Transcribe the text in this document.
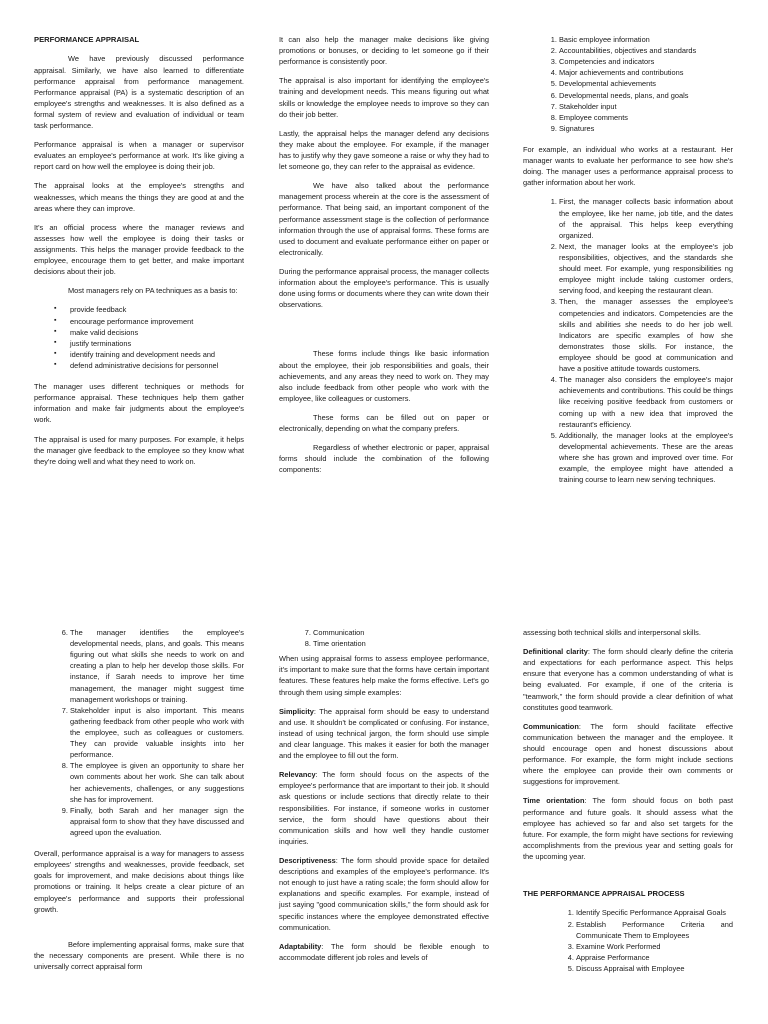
PERFORMANCE APPRAISAL

We have previously discussed performance appraisal. Similarly, we have also learned to differentiate performance appraisal from performance management. Performance appraisal (PA) is a systematic description of an employee's strengths and weaknesses. It is also defined as a formal system of review and evaluation of individual or team task performance.

Performance appraisal is when a manager or supervisor evaluates an employee's performance at work. It's like giving a report card on how well the employee is doing their job.

The appraisal looks at the employee's strengths and weaknesses, which means the things they are good at and the areas where they can improve.

It's an official process where the manager reviews and assesses how well the employee is doing their tasks or assignments. This helps the manager provide feedback to the employee, encourage them to get better, and make important decisions about their job.

Most managers rely on PA techniques as a basis to:

▪ provide feedback
▪ encourage performance improvement
▪ make valid decisions
▪ justify terminations
▪ identify training and development needs and
▪ defend administrative decisions for personnel

The manager uses different techniques or methods for performance appraisal. These techniques help them gather information and make fair judgments about the employee's work.

The appraisal is used for many purposes. For example, it helps the manager give feedback to the employee so they know what they're doing well and what they need to work on.

It can also help the manager make decisions like giving promotions or bonuses, or deciding to let someone go if their performance is consistently poor.

The appraisal is also important for identifying the employee's training and development needs. This means figuring out what skills or knowledge the employee needs to improve so they can do their job better.

Lastly, the appraisal helps the manager defend any decisions they make about the employee. For example, if the manager has to justify why they gave someone a raise or why they had to let someone go, they can refer to the appraisal as evidence.

We have also talked about the performance management process wherein at the core is the assessment of performance. That being said, an important component of the performance assessment stage is the collection of performance information through the use of appraisal forms. These forms are used to document and evaluate performance either on paper or electronically.

During the performance appraisal process, the manager collects information about the employee's performance. This is usually done using forms or documents where they can write down their observations.

These forms include things like basic information about the employee, their job responsibilities and goals, their achievements, and any areas they need to work on. They may also include feedback from other people who work with the employee, like colleagues or customers.

These forms can be filled out on paper or electronically, depending on what the company prefers.

Regardless of whether electronic or paper, appraisal forms should include the combination of the following components:

1. Basic employee information
2. Accountabilities, objectives and standards
3. Competencies and indicators
4. Major achievements and contributions
5. Developmental achievements
6. Developmental needs, plans, and goals
7. Stakeholder input
8. Employee comments
9. Signatures

For example, an individual who works at a restaurant. Her manager wants to evaluate her performance to see how she's doing. The manager uses a performance appraisal process to gather information about her work.

1. First, the manager collects basic information about the employee, like her name, job title, and the dates of the appraisal. This helps keep everything organized.
2. Next, the manager looks at the employee's job responsibilities, objectives, and the standards she should meet. For example, yung responsibilities ng employee might include taking customer orders, serving food, and keeping the restaurant clean.
3. Then, the manager assesses the employee's competencies and indicators. Competencies are the skills and abilities she needs to do her job well. Indicators are specific examples of how she demonstrates those skills. For instance, the employee should be good at communication and have a positive attitude towards customers.
4. The manager also considers the employee's major achievements and contributions. This could be things like receiving positive feedback from customers or coming up with a new idea that improved the restaurant's efficiency.
5. Additionally, the manager looks at the employee's developmental achievements. These are the areas where she has grown and improved over time. For example, the employee might have attended a training course to learn new serving techniques.
6. The manager identifies the employee's developmental needs, plans, and goals. This means figuring out what skills she needs to work on and creating a plan to help her develop those skills. For instance, if Sarah needs to improve her time management, the manager might suggest time management workshops or training.
7. Stakeholder input is also important. This means gathering feedback from other people who work with the employee, such as colleagues or customers. They can provide valuable insights into her performance.
8. The employee is given an opportunity to share her own comments about her work. She can talk about her achievements, challenges, or any suggestions she has for improvement.
9. Finally, both Sarah and her manager sign the appraisal form to show that they have discussed and agreed upon the evaluation.

Overall, performance appraisal is a way for managers to assess employees' strengths and weaknesses, provide feedback, set goals for improvement, and make decisions about things like promotions or training. It helps create a clear picture of an employee's performance and supports their professional growth.

Before implementing appraisal forms, make sure that the necessary components are present. While there is no universally correct appraisal form

7. Communication
8. Time orientation

When using appraisal forms to assess employee performance, it's important to make sure that the forms have certain important features. These features help make the forms effective. Let's go through them using simple examples:

Simplicity: The appraisal form should be easy to understand and use. It shouldn't be complicated or confusing. For instance, instead of using technical jargon, the form should use simple and clear language. This makes it easier for both the manager and the employee to fill out the form.

Relevancy: The form should focus on the aspects of the employee's performance that are important to their job. It should ask questions or include sections that directly relate to their responsibilities. For instance, if someone works in customer service, the form should have questions about their communication skills and how well they handle customer inquiries.

Descriptiveness: The form should provide space for detailed descriptions and examples of the employee's performance. It's not enough to just have a rating scale; the form should allow for explanations and specific examples. For example, instead of just saying "good communication skills," the form should ask for specific instances where the employee demonstrated effective communication.

Adaptability: The form should be flexible enough to accommodate different job roles and levels of

assessing both technical skills and interpersonal skills.

Definitional clarity: The form should clearly define the criteria and expectations for each performance aspect. This helps ensure that everyone has a common understanding of what is being evaluated. For example, if one of the criteria is "teamwork," the form should provide a clear definition of what constitutes good teamwork.

Communication: The form should facilitate effective communication between the manager and the employee. It should encourage open and honest discussions about performance. For example, the form might include sections where the employee can provide their own comments or suggestions for improvement.

Time orientation: The form should focus on both past performance and future goals. It should assess what the employee has achieved so far and also set targets for the future. For example, the form might have sections for reviewing accomplishments from the previous year and setting goals for the upcoming year.

THE PERFORMANCE APPRAISAL PROCESS
1. Identify Specific Performance Appraisal Goals
2. Establish Performance Criteria and Communicate Them to Employees
3. Examine Work Performed
4. Appraise Performance
5. Discuss Appraisal with Employee
